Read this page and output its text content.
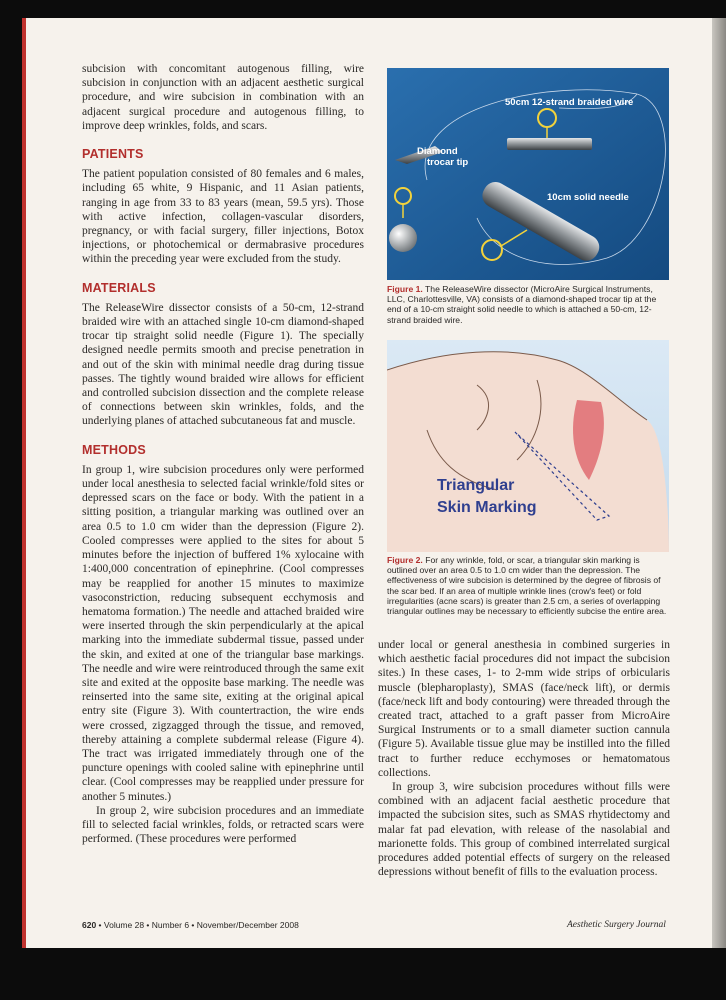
subcision with concomitant autogenous filling, wire subcision in conjunction with an adjacent aesthetic surgical procedure, and wire subcision in combination with an adjacent surgical procedure and autogenous filling, to improve deep wrinkles, folds, and scars.

PATIENTS

The patient population consisted of 80 females and 6 males, including 65 white, 9 Hispanic, and 11 Asian patients, ranging in age from 33 to 83 years (mean, 59.5 yrs). Those with active infection, collagen-vascular disorders, pregnancy, or with facial surgery, filler injections, Botox injections, or photochemical or dermabrasive procedures within the preceding year were excluded from the study.

MATERIALS

The ReleaseWire dissector consists of a 50-cm, 12-strand braided wire with an attached single 10-cm diamond-shaped trocar tip straight solid needle (Figure 1). The specially designed needle permits smooth and precise penetration in and out of the skin with minimal needle drag during tissue passes. The tightly wound braided wire allows for efficient and controlled subcision dissection and the complete release of connections between skin wrinkles, folds, and the underlying planes of attached subcutaneous fat and muscle.

METHODS

In group 1, wire subcision procedures only were performed under local anesthesia to selected facial wrinkle/fold sites or depressed scars on the face or body. With the patient in a sitting position, a triangular marking was outlined over an area 0.5 to 1.0 cm wider than the depression (Figure 2). Cooled compresses were applied to the sites for about 5 minutes before the injection of buffered 1% xylocaine with 1:400,000 concentration of epinephrine. (Cool compresses may be reapplied for another 15 minutes to maximize vasoconstriction, reducing subsequent ecchymosis and hematoma formation.) The needle and attached braided wire were inserted through the skin perpendicularly at the apical marking into the immediate subdermal tissue, passed under the skin, and exited at one of the triangular base markings. The needle and wire were reintroduced through the same exit site and exited at the opposite base marking. The needle was reinserted into the same site, exiting at the original apical entry site (Figure 3). With countertraction, the wire ends were crossed, zigzagged through the tissue, and removed, thereby attaining a complete subdermal release (Figure 4). The tract was irrigated immediately through one of the puncture openings with cooled saline with epinephrine until clear. (Cool compresses may be reapplied under pressure for another 5 minutes.)

In group 2, wire subcision procedures and an immediate fill to selected facial wrinkles, folds, or retracted scars were performed. (These procedures were performed

50cm 12-strand braided wire
Diamond
trocar tip
10cm solid needle
Figure 1. The ReleaseWire dissector (MicroAire Surgical Instruments, LLC, Charlottesville, VA) consists of a diamond-shaped trocar tip at the end of a 10-cm straight solid needle to which is attached a 50-cm, 12-strand braided wire.
Triangular
Skin Marking
Figure 2. For any wrinkle, fold, or scar, a triangular skin marking is outlined over an area 0.5 to 1.0 cm wider than the depression. The effectiveness of wire subcision is determined by the degree of fibrosis of the scar bed. If an area of multiple wrinkle lines (crow's feet) or fold irregularities (acne scars) is greater than 2.5 cm, a series of overlapping triangular outlines may be necessary to efficiently subcise the entire area.

under local or general anesthesia in combined surgeries in which aesthetic facial procedures did not impact the subcision sites.) In these cases, 1- to 2-mm wide strips of orbicularis muscle (blepharoplasty), SMAS (face/neck lift), or dermis (face/neck lift and body contouring) were threaded through the created tract, attached to a graft passer from MicroAire Surgical Instruments or to a small diameter suction cannula (Figure 5). Available tissue glue may be instilled into the filled tract to further reduce ecchymoses or hematomatous collections.

In group 3, wire subcision procedures without fills were combined with an adjacent facial aesthetic procedure that impacted the subcision sites, such as SMAS rhytidectomy and malar fat pad elevation, with release of the nasolabial and marionette folds. This group of combined interrelated surgical procedures added potential effects of surgery on the released depressions without benefit of fills to the evaluation process.

620 • Volume 28 • Number 6 • November/December 2008	Aesthetic Surgery Journal
